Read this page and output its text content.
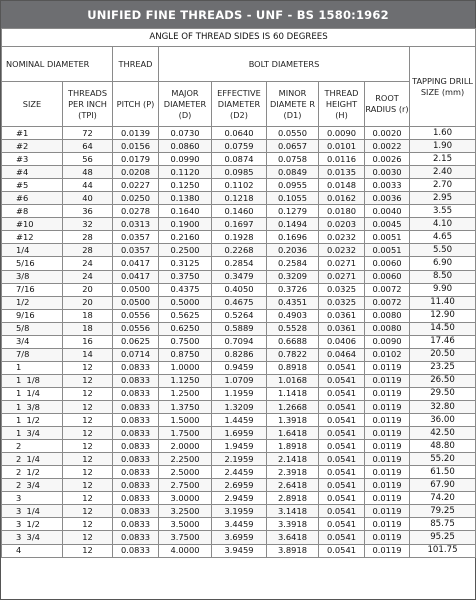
UNIFIED FINE THREADS - UNF - BS 1580:1962
ANGLE OF THREAD SIDES IS 60 DEGREES								
NOMINAL DIAMETER		THREAD	BOLT DIAMETERS					TAPPING DRILL SIZE (mm)
SIZE	THREADS PER INCH (TPI)	PITCH (P)	MAJOR DIAMETER (D)	EFFECTIVE DIAMETER (D2)	MINOR DIAMETE R (D1)	THREAD HEIGHT (H)	ROOT RADIUS (r)	
#1	72	0.0139	0.0730	0.0640	0.0550	0.0090	0.0020	1.60
#2	64	0.0156	0.0860	0.0759	0.0657	0.0101	0.0022	1.90
#3	56	0.0179	0.0990	0.0874	0.0758	0.0116	0.0026	2.15
#4	48	0.0208	0.1120	0.0985	0.0849	0.0135	0.0030	2.40
#5	44	0.0227	0.1250	0.1102	0.0955	0.0148	0.0033	2.70
#6	40	0.0250	0.1380	0.1218	0.1055	0.0162	0.0036	2.95
#8	36	0.0278	0.1640	0.1460	0.1279	0.0180	0.0040	3.55
#10	32	0.0313	0.1900	0.1697	0.1494	0.0203	0.0045	4.10
#12	28	0.0357	0.2160	0.1928	0.1696	0.0232	0.0051	4.65
1/4	28	0.0357	0.2500	0.2268	0.2036	0.0232	0.0051	5.50
5/16	24	0.0417	0.3125	0.2854	0.2584	0.0271	0.0060	6.90
3/8	24	0.0417	0.3750	0.3479	0.3209	0.0271	0.0060	8.50
7/16	20	0.0500	0.4375	0.4050	0.3726	0.0325	0.0072	9.90
1/2	20	0.0500	0.5000	0.4675	0.4351	0.0325	0.0072	11.40
9/16	18	0.0556	0.5625	0.5264	0.4903	0.0361	0.0080	12.90
5/8	18	0.0556	0.6250	0.5889	0.5528	0.0361	0.0080	14.50
3/4	16	0.0625	0.7500	0.7094	0.6688	0.0406	0.0090	17.46
7/8	14	0.0714	0.8750	0.8286	0.7822	0.0464	0.0102	20.50
1	12	0.0833	1.0000	0.9459	0.8918	0.0541	0.0119	23.25
1  1/8	12	0.0833	1.1250	1.0709	1.0168	0.0541	0.0119	26.50
1  1/4	12	0.0833	1.2500	1.1959	1.1418	0.0541	0.0119	29.50
1  3/8	12	0.0833	1.3750	1.3209	1.2668	0.0541	0.0119	32.80
1  1/2	12	0.0833	1.5000	1.4459	1.3918	0.0541	0.0119	36.00
1  3/4	12	0.0833	1.7500	1.6959	1.6418	0.0541	0.0119	42.50
2	12	0.0833	2.0000	1.9459	1.8918	0.0541	0.0119	48.80
2  1/4	12	0.0833	2.2500	2.1959	2.1418	0.0541	0.0119	55.20
2  1/2	12	0.0833	2.5000	2.4459	2.3918	0.0541	0.0119	61.50
2  3/4	12	0.0833	2.7500	2.6959	2.6418	0.0541	0.0119	67.90
3	12	0.0833	3.0000	2.9459	2.8918	0.0541	0.0119	74.20
3  1/4	12	0.0833	3.2500	3.1959	3.1418	0.0541	0.0119	79.25
3  1/2	12	0.0833	3.5000	3.4459	3.3918	0.0541	0.0119	85.75
3  3/4	12	0.0833	3.7500	3.6959	3.6418	0.0541	0.0119	95.25
4	12	0.0833	4.0000	3.9459	3.8918	0.0541	0.0119	101.75
